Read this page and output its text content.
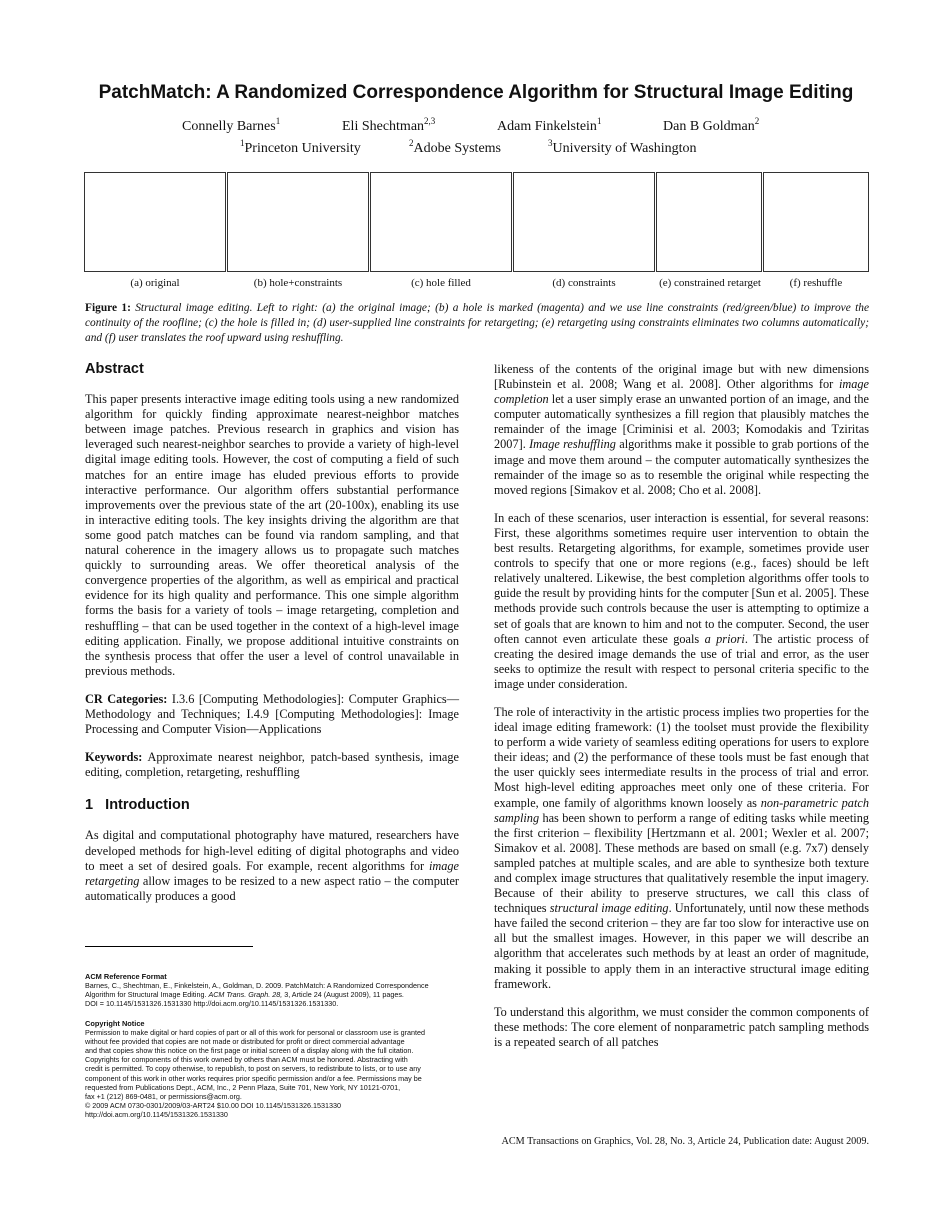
PatchMatch: A Randomized Correspondence Algorithm for Structural Image Editing
Connelly Barnes$^1$	Eli Shechtman$^{2,3}$	Adam Finkelstein$^1$	Dan B Goldman$^2$
$^1$Princeton University	$^2$Adobe Systems	$^3$University of Washington
(a) original	(b) hole+constraints	(c) hole filled	(d) constraints	(e) constrained retarget	(f) reshuffle
Figure 1: Structural image editing. Left to right: (a) the original image; (b) a hole is marked (magenta) and we use line constraints (red/green/blue) to improve the continuity of the roofline; (c) the hole is filled in; (d) user-supplied line constraints for retargeting; (e) retargeting using constraints eliminates two columns automatically; and (f) user translates the roof upward using reshuffling.
Abstract

This paper presents interactive image editing tools using a new randomized algorithm for quickly finding approximate nearest-neighbor matches between image patches. Previous research in graphics and vision has leveraged such nearest-neighbor searches to provide a variety of high-level digital image editing tools. However, the cost of computing a field of such matches for an entire image has eluded previous efforts to provide interactive performance. Our algorithm offers substantial performance improvements over the previous state of the art (20-100x), enabling its use in interactive editing tools. The key insights driving the algorithm are that some good patch matches can be found via random sampling, and that natural coherence in the imagery allows us to propagate such matches quickly to surrounding areas. We offer theoretical analysis of the convergence properties of the algorithm, as well as empirical and practical evidence for its high quality and performance. This one simple algorithm forms the basis for a variety of tools – image retargeting, completion and reshuffling – that can be used together in the context of a high-level image editing application. Finally, we propose additional intuitive constraints on the synthesis process that offer the user a level of control unavailable in previous methods.

CR Categories: I.3.6 [Computing Methodologies]: Computer Graphics—Methodology and Techniques; I.4.9 [Computing Methodologies]: Image Processing and Computer Vision—Applications

Keywords: Approximate nearest neighbor, patch-based synthesis, image editing, completion, retargeting, reshuffling

1 Introduction

As digital and computational photography have matured, researchers have developed methods for high-level editing of digital photographs and video to meet a set of desired goals. For example, recent algorithms for image retargeting allow images to be resized to a new aspect ratio – the computer automatically produces a good

ACM Reference Format
Barnes, C., Shechtman, E., Finkelstein, A., Goldman, D. 2009. PatchMatch: A Randomized Correspondence
Algorithm for Structural Image Editing. ACM Trans. Graph. 28, 3, Article 24 (August 2009), 11 pages.
DOI = 10.1145/1531326.1531330 http://doi.acm.org/10.1145/1531326.1531330.
Copyright Notice
Permission to make digital or hard copies of part or all of this work for personal or classroom use is granted
without fee provided that copies are not made or distributed for profit or direct commercial advantage
and that copies show this notice on the first page or initial screen of a display along with the full citation.
Copyrights for components of this work owned by others than ACM must be honored. Abstracting with
credit is permitted. To copy otherwise, to republish, to post on servers, to redistribute to lists, or to use any
component of this work in other works requires prior specific permission and/or a fee. Permissions may be
requested from Publications Dept., ACM, Inc., 2 Penn Plaza, Suite 701, New York, NY 10121-0701,
fax +1 (212) 869-0481, or permissions@acm.org.
© 2009 ACM 0730-0301/2009/03-ART24 $10.00 DOI 10.1145/1531326.1531330
http://doi.acm.org/10.1145/1531326.1531330

likeness of the contents of the original image but with new dimensions [Rubinstein et al. 2008; Wang et al. 2008]. Other algorithms for image completion let a user simply erase an unwanted portion of an image, and the computer automatically synthesizes a fill region that plausibly matches the remainder of the image [Criminisi et al. 2003; Komodakis and Tziritas 2007]. Image reshuffling algorithms make it possible to grab portions of the image and move them around – the computer automatically synthesizes the remainder of the image so as to resemble the original while respecting the moved regions [Simakov et al. 2008; Cho et al. 2008].

In each of these scenarios, user interaction is essential, for several reasons: First, these algorithms sometimes require user intervention to obtain the best results. Retargeting algorithms, for example, sometimes provide user controls to specify that one or more regions (e.g., faces) should be left relatively unaltered. Likewise, the best completion algorithms offer tools to guide the result by providing hints for the computer [Sun et al. 2005]. These methods provide such controls because the user is attempting to optimize a set of goals that are known to him and not to the computer. Second, the user often cannot even articulate these goals a priori. The artistic process of creating the desired image demands the use of trial and error, as the user seeks to optimize the result with respect to personal criteria specific to the image under consideration.

The role of interactivity in the artistic process implies two properties for the ideal image editing framework: (1) the toolset must provide the flexibility to perform a wide variety of seamless editing operations for users to explore their ideas; and (2) the performance of these tools must be fast enough that the user quickly sees intermediate results in the process of trial and error. Most high-level editing approaches meet only one of these criteria. For example, one family of algorithms known loosely as non-parametric patch sampling has been shown to perform a range of editing tasks while meeting the first criterion – flexibility [Hertzmann et al. 2001; Wexler et al. 2007; Simakov et al. 2008]. These methods are based on small (e.g. 7x7) densely sampled patches at multiple scales, and are able to synthesize both texture and complex image structures that qualitatively resemble the input imagery. Because of their ability to preserve structures, we call this class of techniques structural image editing. Unfortunately, until now these methods have failed the second criterion – they are far too slow for interactive use on all but the smallest images. However, in this paper we will describe an algorithm that accelerates such methods by at least an order of magnitude, making it possible to apply them in an interactive structural image editing framework.

To understand this algorithm, we must consider the common components of these methods: The core element of nonparametric patch sampling methods is a repeated search of all patches

ACM Transactions on Graphics, Vol. 28, No. 3, Article 24, Publication date: August 2009.
